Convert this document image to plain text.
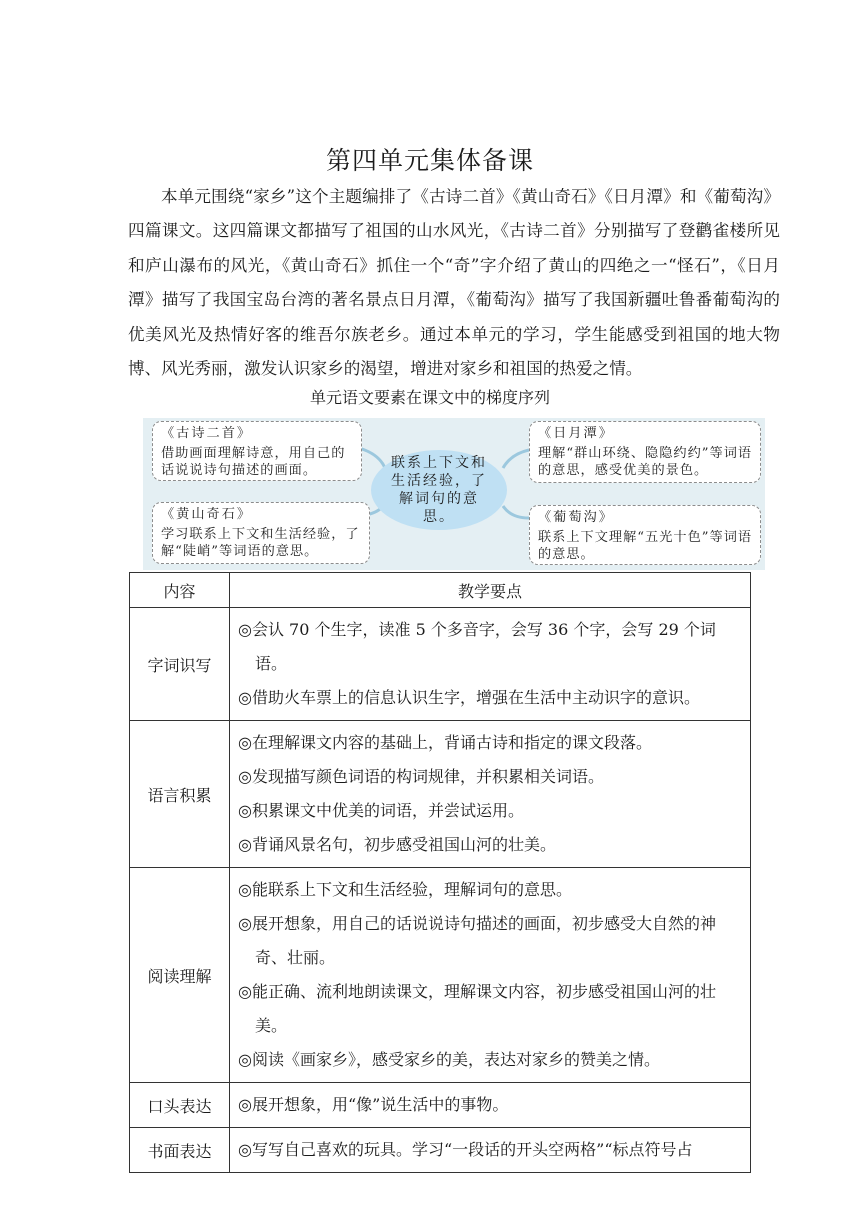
第四单元集体备课

本单元围绕“家乡”这个主题编排了《古诗二首》《黄山奇石》《日月潭》和《葡萄沟》四篇课文。这四篇课文都描写了祖国的山水风光，《古诗二首》分别描写了登鹳雀楼所见和庐山瀑布的风光，《黄山奇石》抓住一个“奇”字介绍了黄山的四绝之一“怪石”，《日月潭》描写了我国宝岛台湾的著名景点日月潭，《葡萄沟》描写了我国新疆吐鲁番葡萄沟的优美风光及热情好客的维吾尔族老乡。通过本单元的学习，学生能感受到祖国的地大物博、风光秀丽，激发认识家乡的渴望，增进对家乡和祖国的热爱之情。

单元语文要素在课文中的梯度序列
《古诗二首》
借助画面理解诗意，用自己的话说说诗句描述的画面。
《黄山奇石》
学习联系上下文和生活经验，了解“陡峭”等词语的意思。
《日月潭》
理解“群山环绕、隐隐约约”等词语的意思，感受优美的景色。
《葡萄沟》
联系上下文理解“五光十色”等词语的意思。
联系上下文和生活经验，了解词句的意思。
内容	教学要点
字词识写	◎会认 70 个生字，读准 5 个多音字，会写 36 个字，会写 29 个词语。
◎借助火车票上的信息认识生字，增强在生活中主动识字的意识。

语言积累	◎在理解课文内容的基础上，背诵古诗和指定的课文段落。
◎发现描写颜色词语的构词规律，并积累相关词语。
◎积累课文中优美的词语，并尝试运用。
◎背诵风景名句，初步感受祖国山河的壮美。

阅读理解	◎能联系上下文和生活经验，理解词句的意思。
◎展开想象，用自己的话说说诗句描述的画面，初步感受大自然的神奇、壮丽。
◎能正确、流利地朗读课文，理解课文内容，初步感受祖国山河的壮美。
◎阅读《画家乡》，感受家乡的美，表达对家乡的赞美之情。

口头表达	◎展开想象，用“像”说生活中的事物。

书面表达	◎写写自己喜欢的玩具。学习“一段话的开头空两格”“标点符号占
